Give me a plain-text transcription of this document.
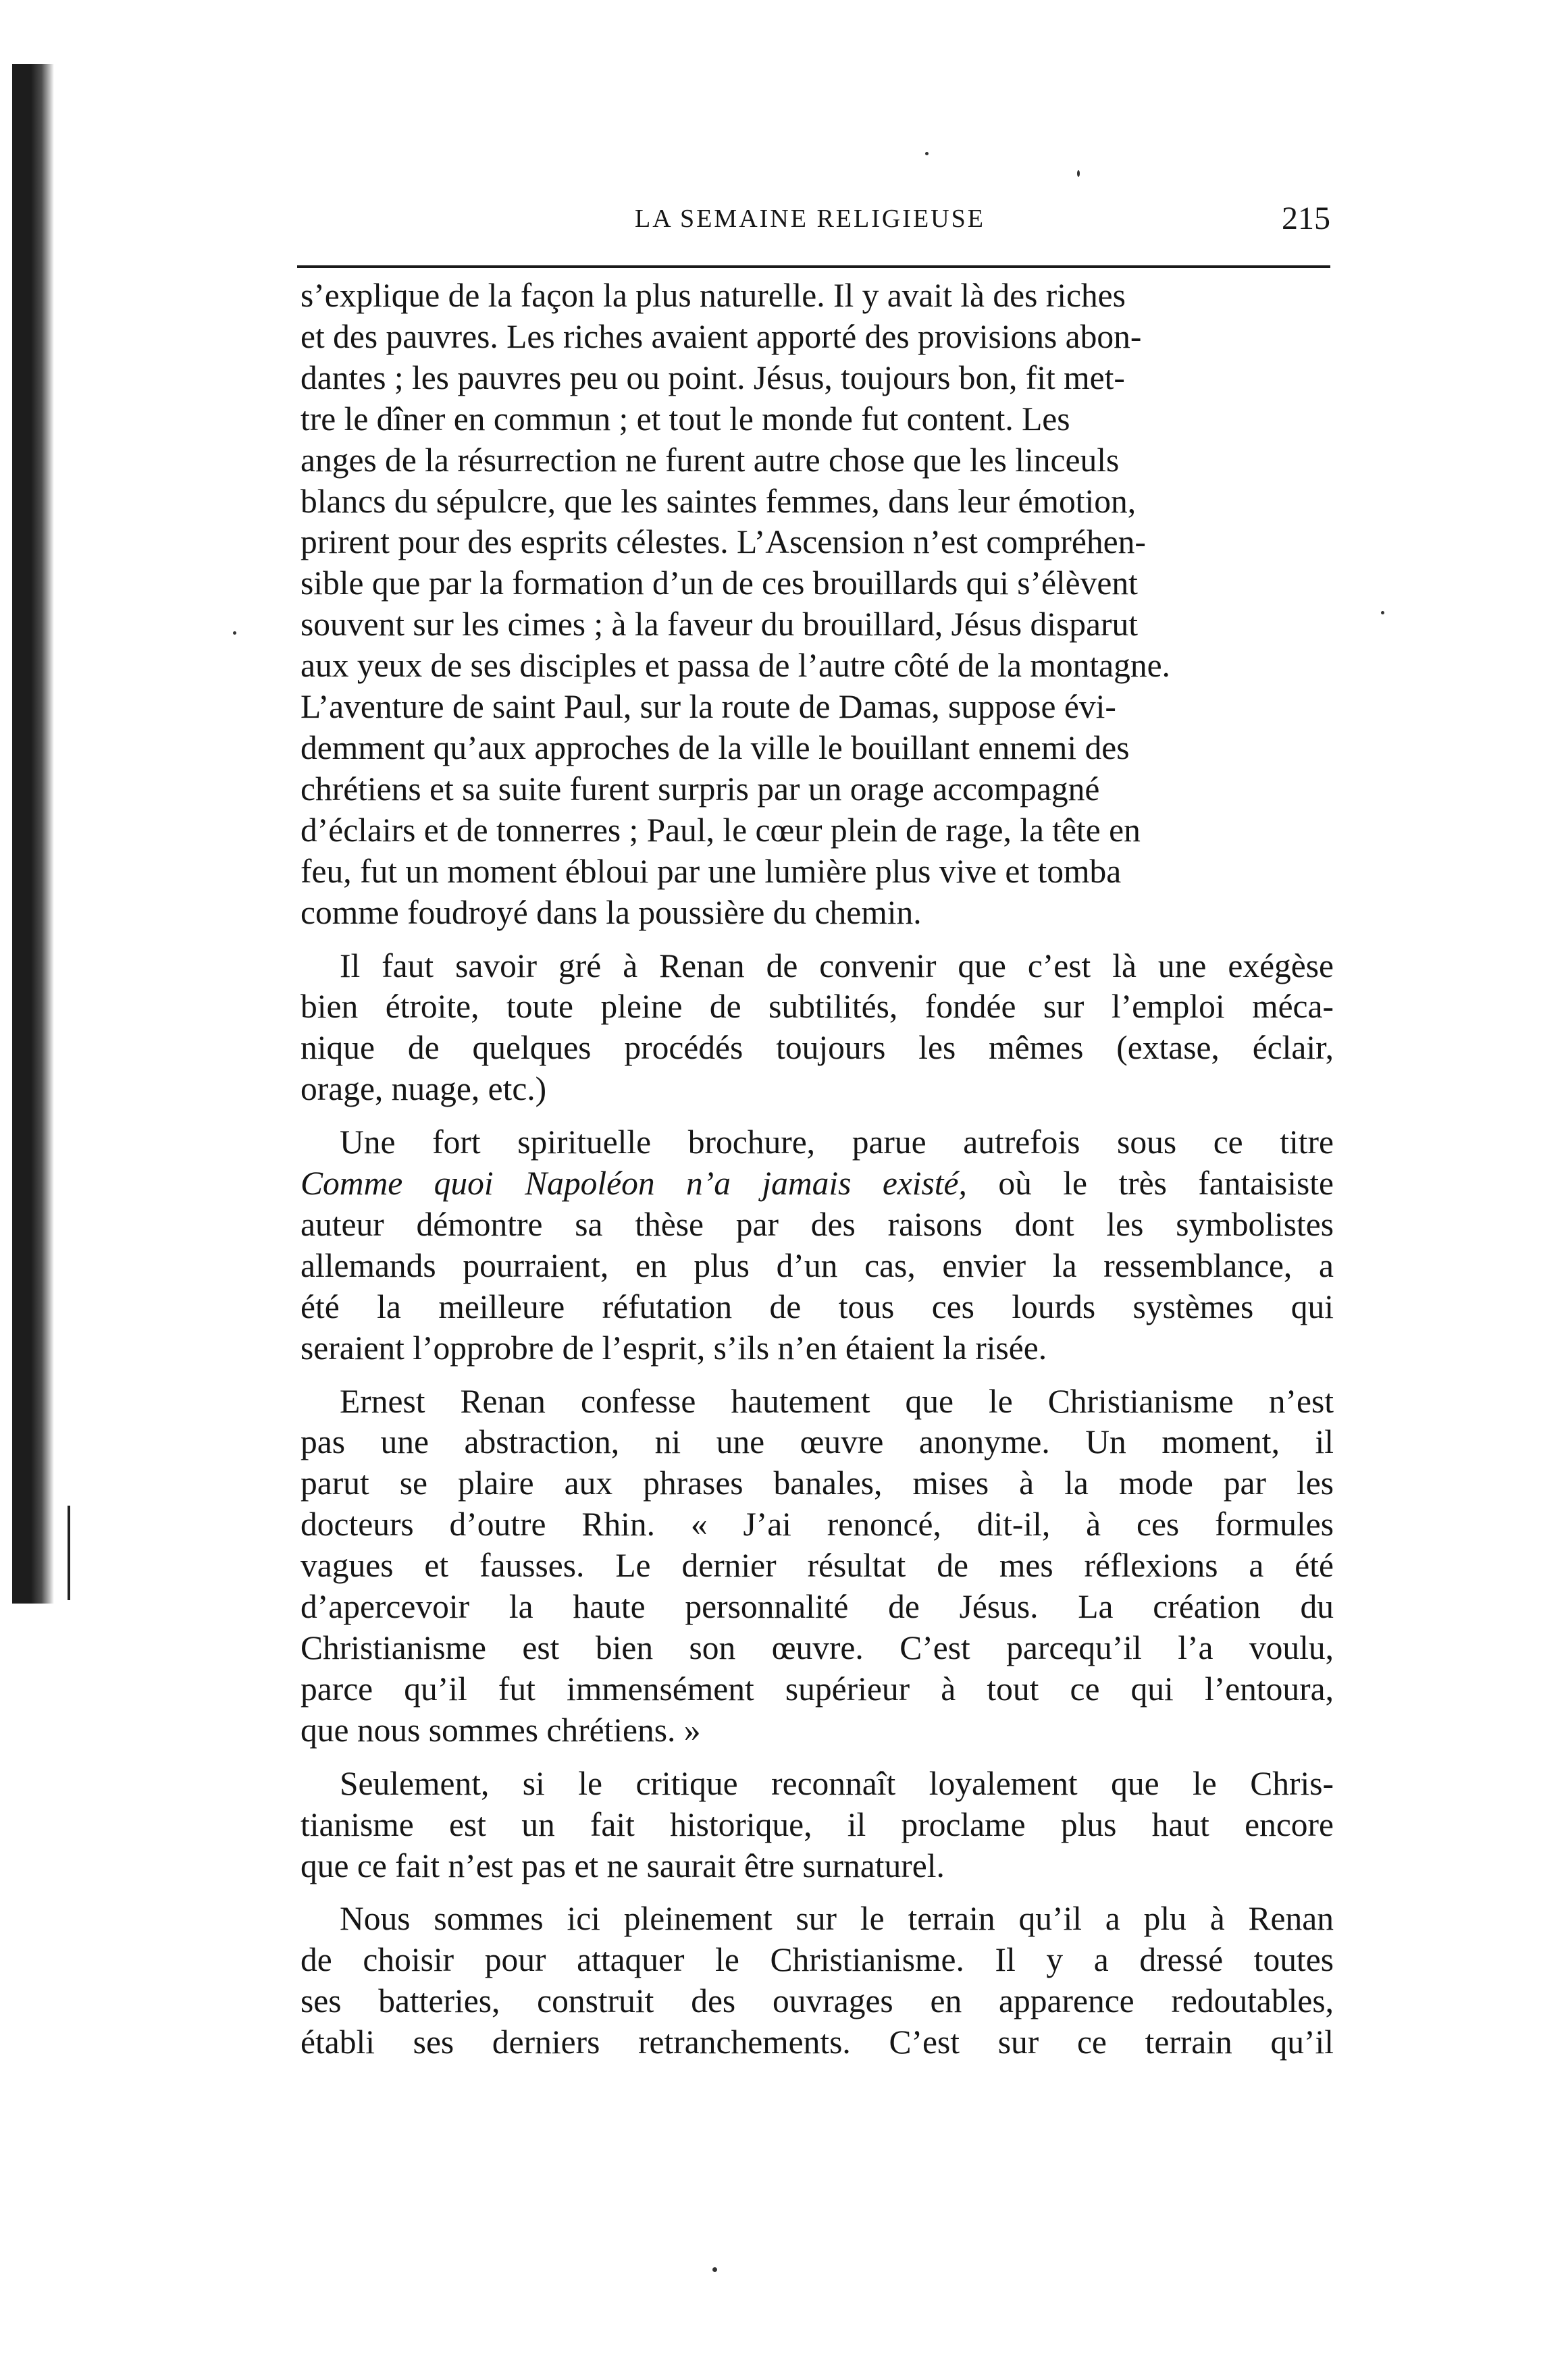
LA SEMAINE RELIGIEUSE	215
s’explique de la façon la plus naturelle. Il y avait là des riches
et des pauvres. Les riches avaient apporté des provisions abon-
dantes ; les pauvres peu ou point. Jésus, toujours bon, fit met-
tre le dîner en commun ; et tout le monde fut content. Les
anges de la résurrection ne furent autre chose que les linceuls
blancs du sépulcre, que les saintes femmes, dans leur émotion,
prirent pour des esprits célestes. L’Ascension n’est compréhen-
sible que par la formation d’un de ces brouillards qui s’élèvent
souvent sur les cimes ; à la faveur du brouillard, Jésus disparut
aux yeux de ses disciples et passa de l’autre côté de la montagne.
L’aventure de saint Paul, sur la route de Damas, suppose évi-
demment qu’aux approches de la ville le bouillant ennemi des
chrétiens et sa suite furent surpris par un orage accompagné
d’éclairs et de tonnerres ; Paul, le cœur plein de rage, la tête en
feu, fut un moment ébloui par une lumière plus vive et tomba
comme foudroyé dans la poussière du chemin.
Il faut savoir gré à Renan de convenir que c’est là une exégèse
bien étroite, toute pleine de subtilités, fondée sur l’emploi méca-
nique de quelques procédés toujours les mêmes (extase, éclair,
orage, nuage, etc.)
Une fort spirituelle brochure, parue autrefois sous ce titre
Comme quoi Napoléon n’a jamais existé, où le très fantaisiste
auteur démontre sa thèse par des raisons dont les symbolistes
allemands pourraient, en plus d’un cas, envier la ressemblance, a
été la meilleure réfutation de tous ces lourds systèmes qui
seraient l’opprobre de l’esprit, s’ils n’en étaient la risée.
Ernest Renan confesse hautement que le Christianisme n’est
pas une abstraction, ni une œuvre anonyme. Un moment, il
parut se plaire aux phrases banales, mises à la mode par les
docteurs d’outre Rhin. « J’ai renoncé, dit-il, à ces formules
vagues et fausses. Le dernier résultat de mes réflexions a été
d’apercevoir la haute personnalité de Jésus. La création du
Christianisme est bien son œuvre. C’est parcequ’il l’a voulu,
parce qu’il fut immensément supérieur à tout ce qui l’entoura,
que nous sommes chrétiens. »
Seulement, si le critique reconnaît loyalement que le Chris-
tianisme est un fait historique, il proclame plus haut encore
que ce fait n’est pas et ne saurait être surnaturel.
Nous sommes ici pleinement sur le terrain qu’il a plu à Renan
de choisir pour attaquer le Christianisme. Il y a dressé toutes
ses batteries, construit des ouvrages en apparence redoutables,
établi ses derniers retranchements. C’est sur ce terrain qu’il
